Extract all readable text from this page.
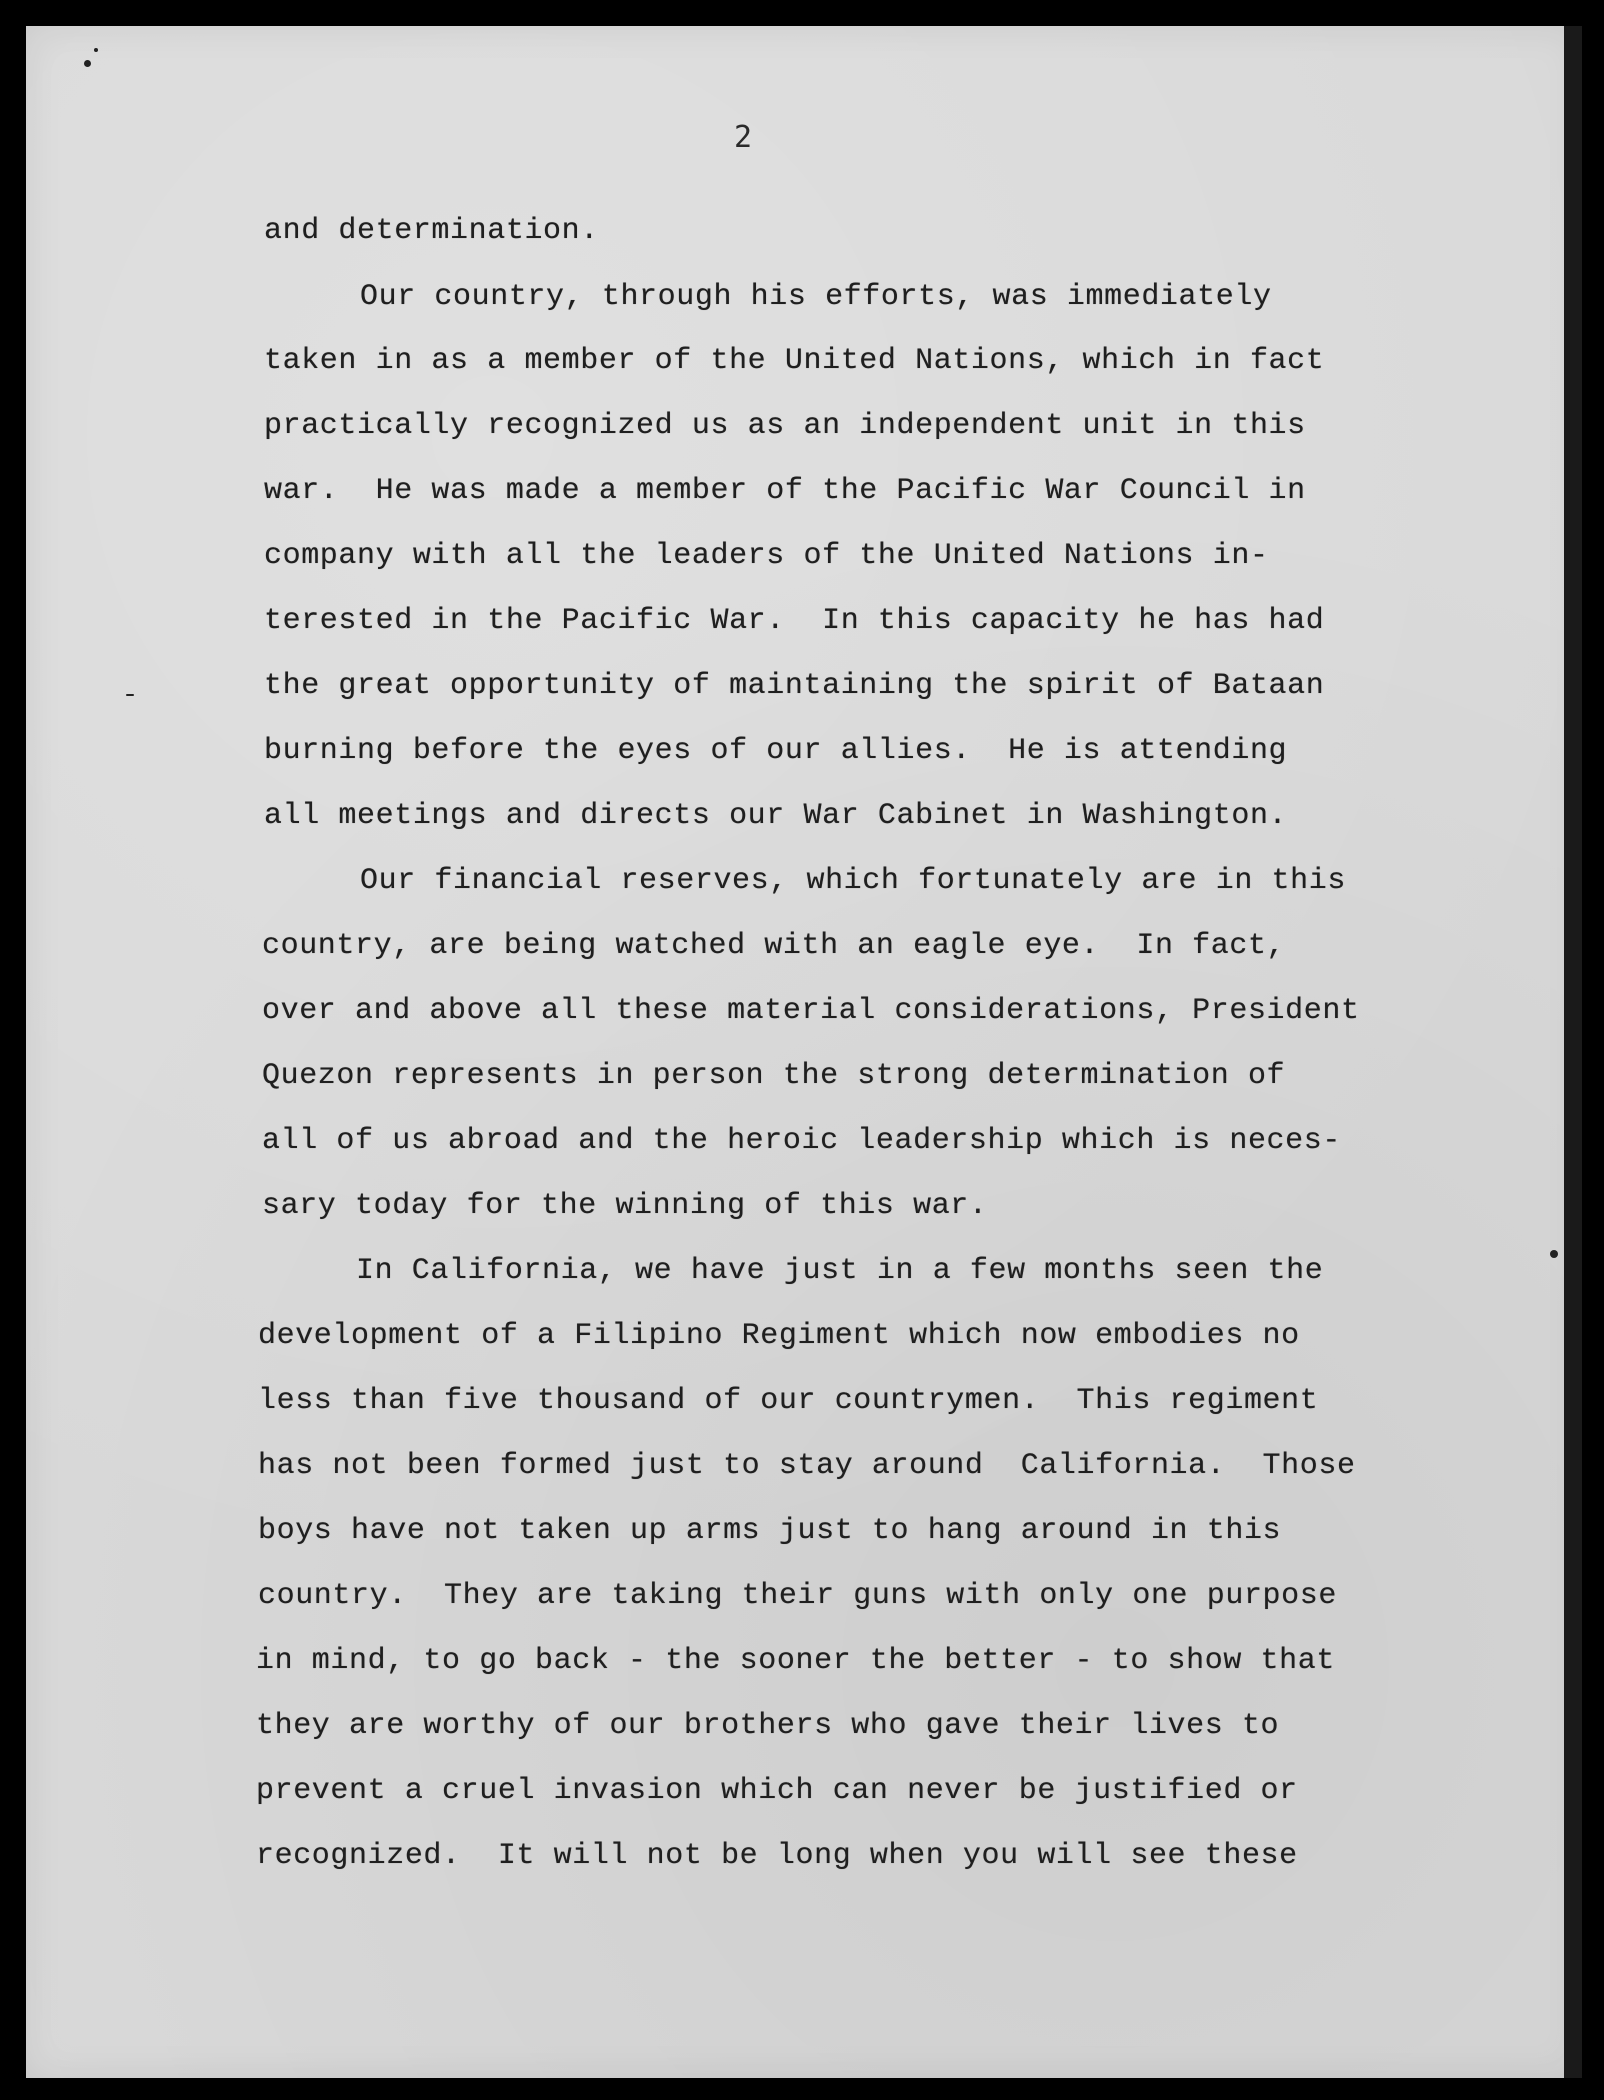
2
and determination.
Our country, through his efforts, was immediately
taken in as a member of the United Nations, which in fact
practically recognized us as an independent unit in this
war.  He was made a member of the Pacific War Council in
company with all the leaders of the United Nations in-
terested in the Pacific War.  In this capacity he has had
the great opportunity of maintaining the spirit of Bataan
burning before the eyes of our allies.  He is attending
all meetings and directs our War Cabinet in Washington.
Our financial reserves, which fortunately are in this
country, are being watched with an eagle eye.  In fact,
over and above all these material considerations, President
Quezon represents in person the strong determination of
all of us abroad and the heroic leadership which is neces-
sary today for the winning of this war.
In California, we have just in a few months seen the
development of a Filipino Regiment which now embodies no
less than five thousand of our countrymen.  This regiment
has not been formed just to stay around  California.  Those
boys have not taken up arms just to hang around in this
country.  They are taking their guns with only one purpose
in mind, to go back - the sooner the better - to show that
they are worthy of our brothers who gave their lives to
prevent a cruel invasion which can never be justified or
recognized.  It will not be long when you will see these
